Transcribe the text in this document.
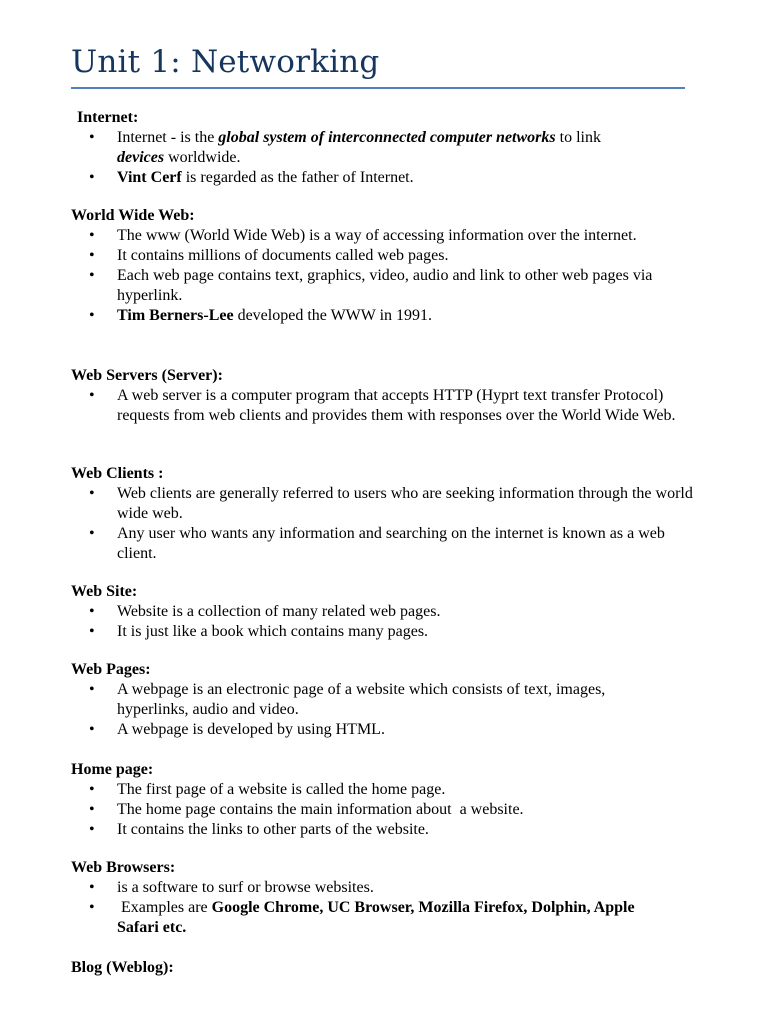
Unit 1: Networking
Internet:
• Internet - is the global system of interconnected computer networks to link
devices worldwide.
• Vint Cerf is regarded as the father of Internet.
World Wide Web:
• The www (World Wide Web) is a way of accessing information over the internet.
• It contains millions of documents called web pages.
• Each web page contains text, graphics, video, audio and link to other web pages via hyperlink.
• Tim Berners-Lee developed the WWW in 1991.
Web Servers (Server):
• A web server is a computer program that accepts HTTP (Hyprt text transfer Protocol) requests from web clients and provides them with responses over the World Wide Web.
Web Clients :
• Web clients are generally referred to users who are seeking information through the world wide web.
• Any user who wants any information and searching on the internet is known as a web client.
Web Site:
• Website is a collection of many related web pages.
• It is just like a book which contains many pages.
Web Pages:
• A webpage is an electronic page of a website which consists of text, images, hyperlinks, audio and video.
• A webpage is developed by using HTML.
Home page:
• The first page of a website is called the home page.
• The home page contains the main information about  a website.
• It contains the links to other parts of the website.
Web Browsers:
• is a software to surf or browse websites.
• Examples are Google Chrome, UC Browser, Mozilla Firefox, Dolphin, Apple Safari etc.
Blog (Weblog):
